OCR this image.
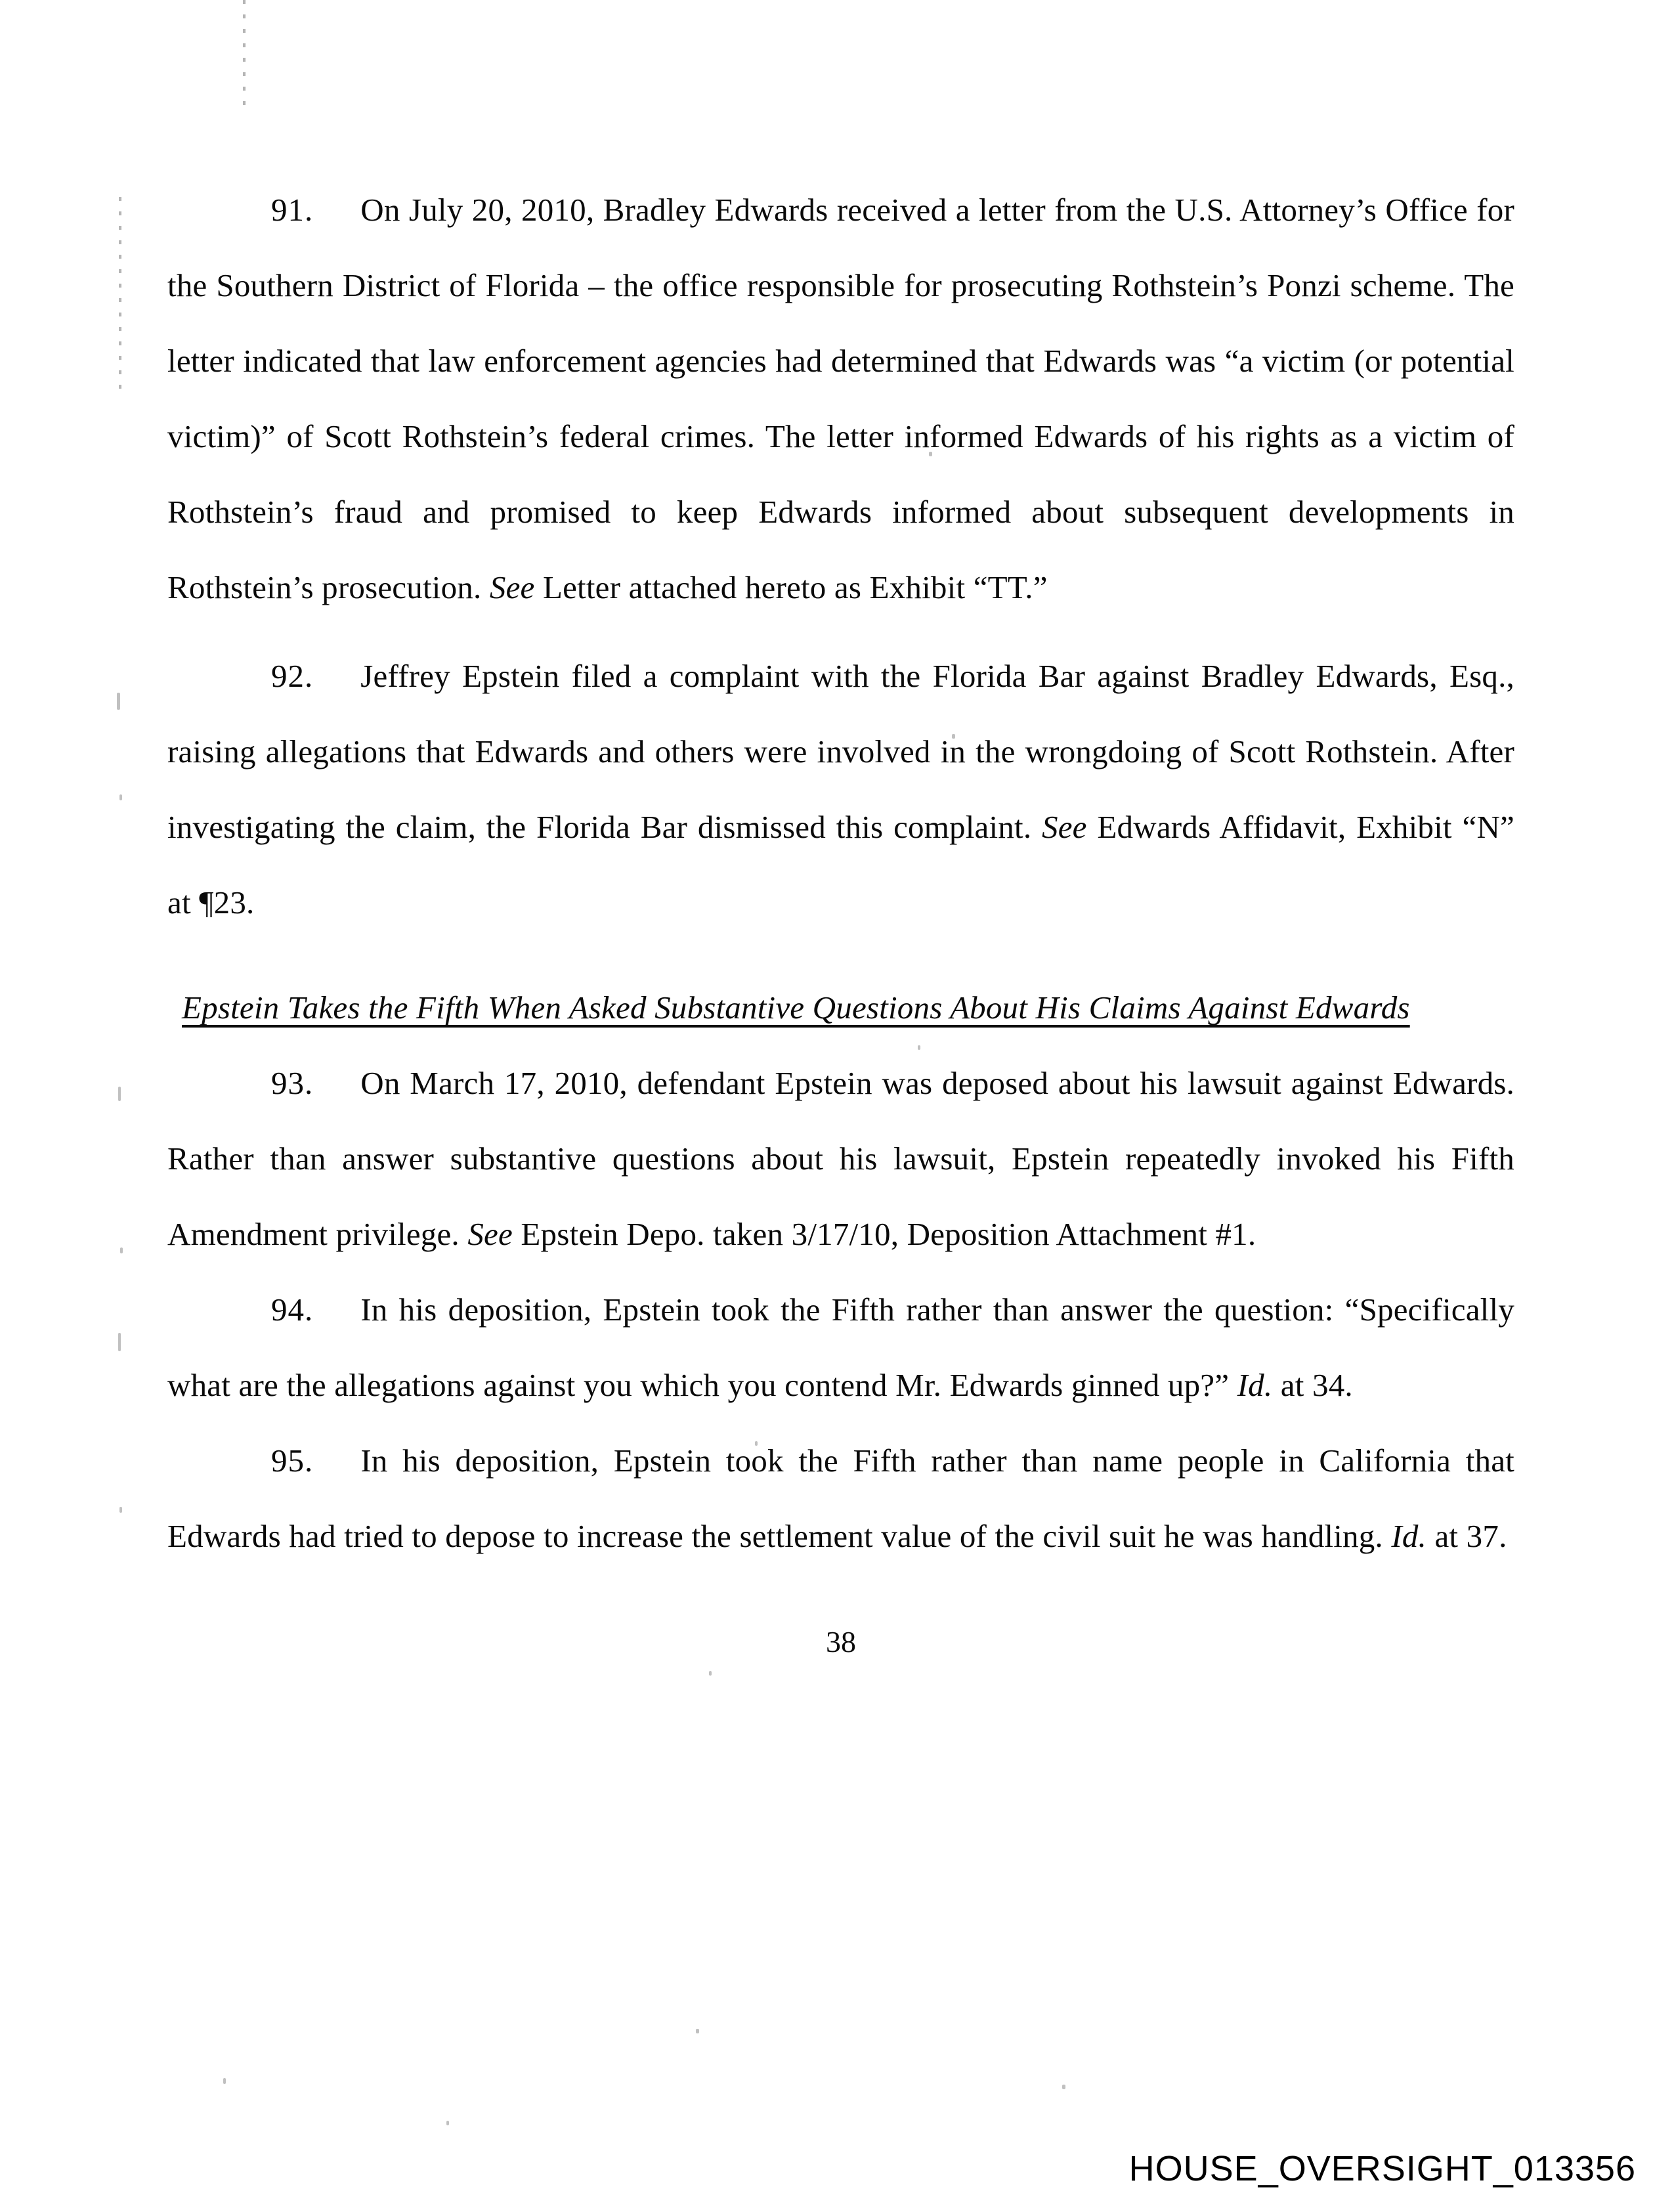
91. On July 20, 2010, Bradley Edwards received a letter from the U.S. Attorney’s Office for the Southern District of Florida – the office responsible for prosecuting Rothstein’s Ponzi scheme. The letter indicated that law enforcement agencies had determined that Edwards was “a victim (or potential victim)” of Scott Rothstein’s federal crimes. The letter informed Edwards of his rights as a victim of Rothstein’s fraud and promised to keep Edwards informed about subsequent developments in Rothstein’s prosecution. See Letter attached hereto as Exhibit “TT.”

92. Jeffrey Epstein filed a complaint with the Florida Bar against Bradley Edwards, Esq., raising allegations that Edwards and others were involved in the wrongdoing of Scott Rothstein. After investigating the claim, the Florida Bar dismissed this complaint. See Edwards Affidavit, Exhibit “N” at ¶23.

Epstein Takes the Fifth When Asked Substantive Questions About His Claims Against Edwards

93. On March 17, 2010, defendant Epstein was deposed about his lawsuit against Edwards. Rather than answer substantive questions about his lawsuit, Epstein repeatedly invoked his Fifth Amendment privilege. See Epstein Depo. taken 3/17/10, Deposition Attachment #1.

94. In his deposition, Epstein took the Fifth rather than answer the question: “Specifically what are the allegations against you which you contend Mr. Edwards ginned up?” Id. at 34.

95. In his deposition, Epstein took the Fifth rather than name people in California that Edwards had tried to depose to increase the settlement value of the civil suit he was handling. Id. at 37.

38
HOUSE_OVERSIGHT_013356
